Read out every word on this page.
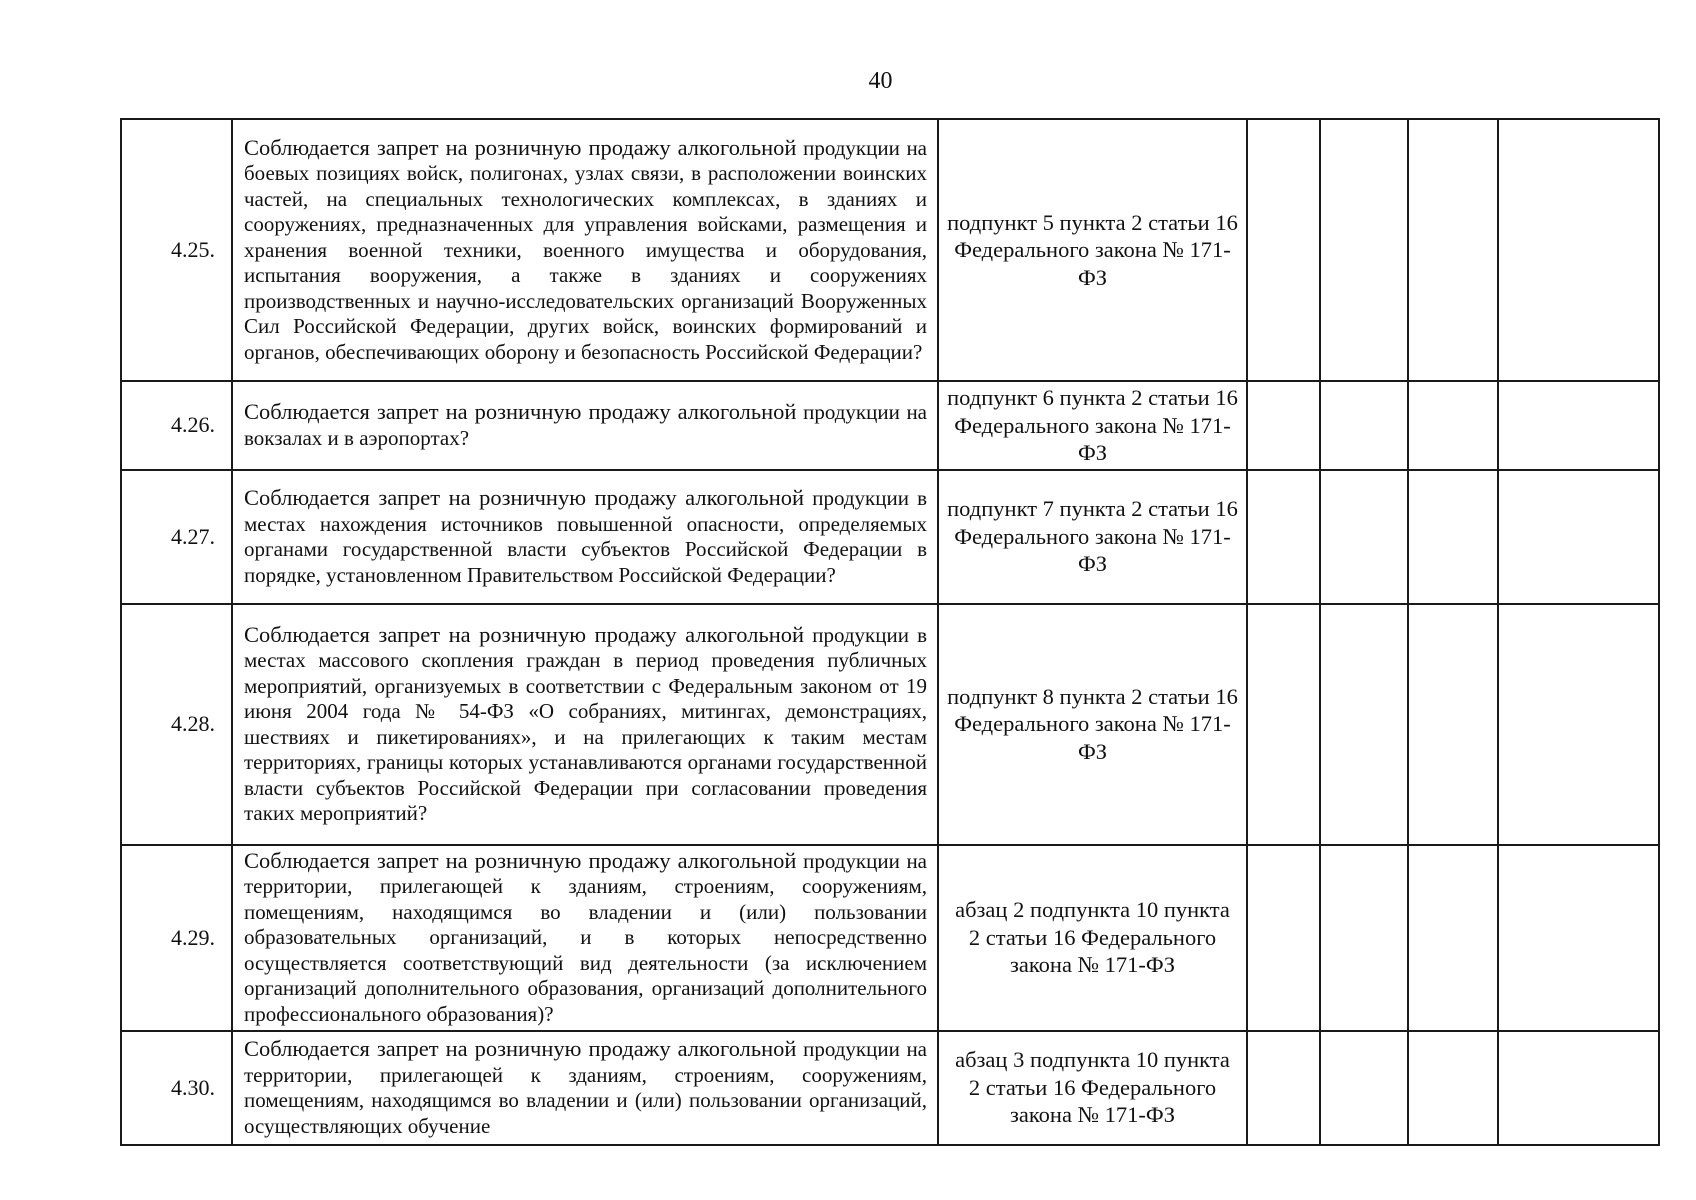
40
4.25.	Соблюдается запрет на розничную продажу алкогольной продукции на боевых позициях войск, полигонах, узлах связи, в расположении воинских частей, на специальных технологических комплексах, в зданиях и сооружениях, предназначенных для управления войсками, размещения и хранения военной техники, военного имущества и оборудования, испытания вооружения, а также в зданиях и сооружениях производственных и научно-исследовательских организаций Вооруженных Сил Российской Федерации, других войск, воинских формирований и органов, обеспечивающих оборону и безопасность Российской Федерации?	подпункт 5 пункта 2 статьи 16 Федерального закона № 171-ФЗ				
4.26.	Соблюдается запрет на розничную продажу алкогольной продукции на вокзалах и в аэропортах?	подпункт 6 пункта 2 статьи 16 Федерального закона № 171-ФЗ				
4.27.	Соблюдается запрет на розничную продажу алкогольной продукции в местах нахождения источников повышенной опасности, определяемых органами государственной власти субъектов Российской Федерации в порядке, установленном Правительством Российской Федерации?	подпункт 7 пункта 2 статьи 16 Федерального закона № 171-ФЗ				
4.28.	Соблюдается запрет на розничную продажу алкогольной продукции в местах массового скопления граждан в период проведения публичных мероприятий, организуемых в соответствии с Федеральным законом от 19 июня 2004 года № 54-ФЗ «О собраниях, митингах, демонстрациях, шествиях и пикетированиях», и на прилегающих к таким местам территориях, границы которых устанавливаются органами государственной власти субъектов Российской Федерации при согласовании проведения таких мероприятий?	подпункт 8 пункта 2 статьи 16 Федерального закона № 171-ФЗ				
4.29.	Соблюдается запрет на розничную продажу алкогольной продукции на территории, прилегающей к зданиям, строениям, сооружениям, помещениям, находящимся во владении и (или) пользовании образовательных организаций, и в которых непосредственно осуществляется соответствующий вид деятельности (за исключением организаций дополнительного образования, организаций дополнительного профессионального образования)?	абзац 2 подпункта 10 пункта 2 статьи 16 Федерального закона № 171-ФЗ				
4.30.	Соблюдается запрет на розничную продажу алкогольной продукции на территории, прилегающей к зданиям, строениям, сооружениям, помещениям, находящимся во владении и (или) пользовании организаций, осуществляющих обучение	абзац 3 подпункта 10 пункта 2 статьи 16 Федерального закона № 171-ФЗ				
